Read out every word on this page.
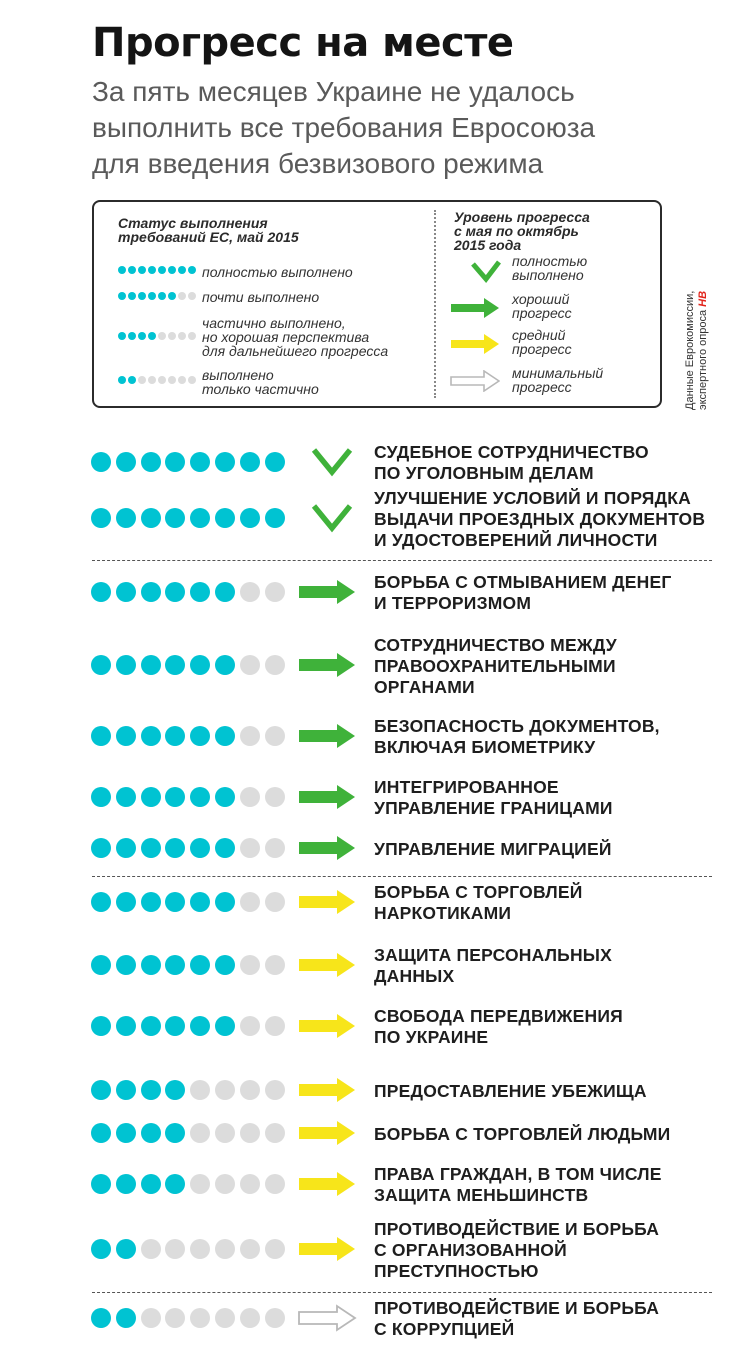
Прогресс на месте

За пять месяцев Украине не удалось
выполнить все требования Евросоюза
для введения безвизового режима

Статус выполнения
требований ЕС, май 2015
Уровень прогресса
с мая по октябрь
2015 года
полностью выполнено
почти выполнено
частично выполнено,
но хорошая перспектива
для дальнейшего прогресса
выполнено
только частично
полностью
выполнено
хороший
прогресс
средний
прогресс
минимальный
прогресс	Данные Еврокомиссии,
экспертного опроса НВ
СУДЕБНОЕ СОТРУДНИЧЕСТВО
ПО УГОЛОВНЫМ ДЕЛАМ
УЛУЧШЕНИЕ УСЛОВИЙ И ПОРЯДКА
ВЫДАЧИ ПРОЕЗДНЫХ ДОКУМЕНТОВ
И УДОСТОВЕРЕНИЙ ЛИЧНОСТИ
БОРЬБА С ОТМЫВАНИЕМ ДЕНЕГ
И ТЕРРОРИЗМОМ
СОТРУДНИЧЕСТВО МЕЖДУ
ПРАВООХРАНИТЕЛЬНЫМИ
ОРГАНАМИ
БЕЗОПАСНОСТЬ ДОКУМЕНТОВ,
ВКЛЮЧАЯ БИОМЕТРИКУ
ИНТЕГРИРОВАННОЕ
УПРАВЛЕНИЕ ГРАНИЦАМИ
УПРАВЛЕНИЕ МИГРАЦИЕЙ
БОРЬБА С ТОРГОВЛЕЙ
НАРКОТИКАМИ
ЗАЩИТА ПЕРСОНАЛЬНЫХ
ДАННЫХ
СВОБОДА ПЕРЕДВИЖЕНИЯ
ПО УКРАИНЕ
ПРЕДОСТАВЛЕНИЕ УБЕЖИЩА
БОРЬБА С ТОРГОВЛЕЙ ЛЮДЬМИ
ПРАВА ГРАЖДАН, В ТОМ ЧИСЛЕ
ЗАЩИТА МЕНЬШИНСТВ
ПРОТИВОДЕЙСТВИЕ И БОРЬБА
С ОРГАНИЗОВАННОЙ
ПРЕСТУПНОСТЬЮ
ПРОТИВОДЕЙСТВИЕ И БОРЬБА
С КОРРУПЦИЕЙ
